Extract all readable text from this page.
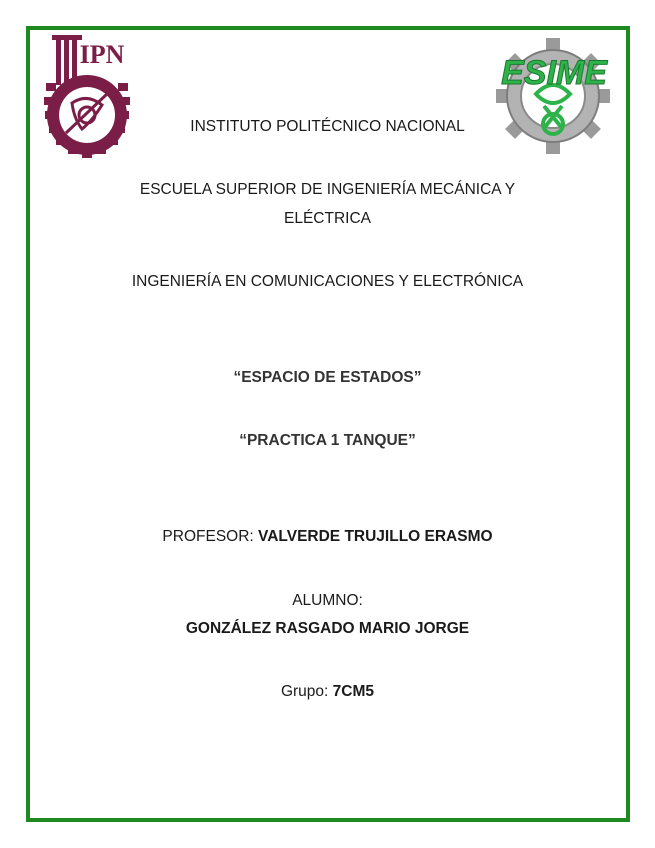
IPN	ESIME
INSTITUTO POLITÉCNICO NACIONAL
ESCUELA SUPERIOR DE INGENIERÍA MECÁNICA Y
ELÉCTRICA
INGENIERÍA EN COMUNICACIONES Y ELECTRÓNICA
“ESPACIO DE ESTADOS”
“PRACTICA 1 TANQUE”
PROFESOR: VALVERDE TRUJILLO ERASMO
ALUMNO:
GONZÁLEZ RASGADO MARIO JORGE
Grupo: 7CM5
